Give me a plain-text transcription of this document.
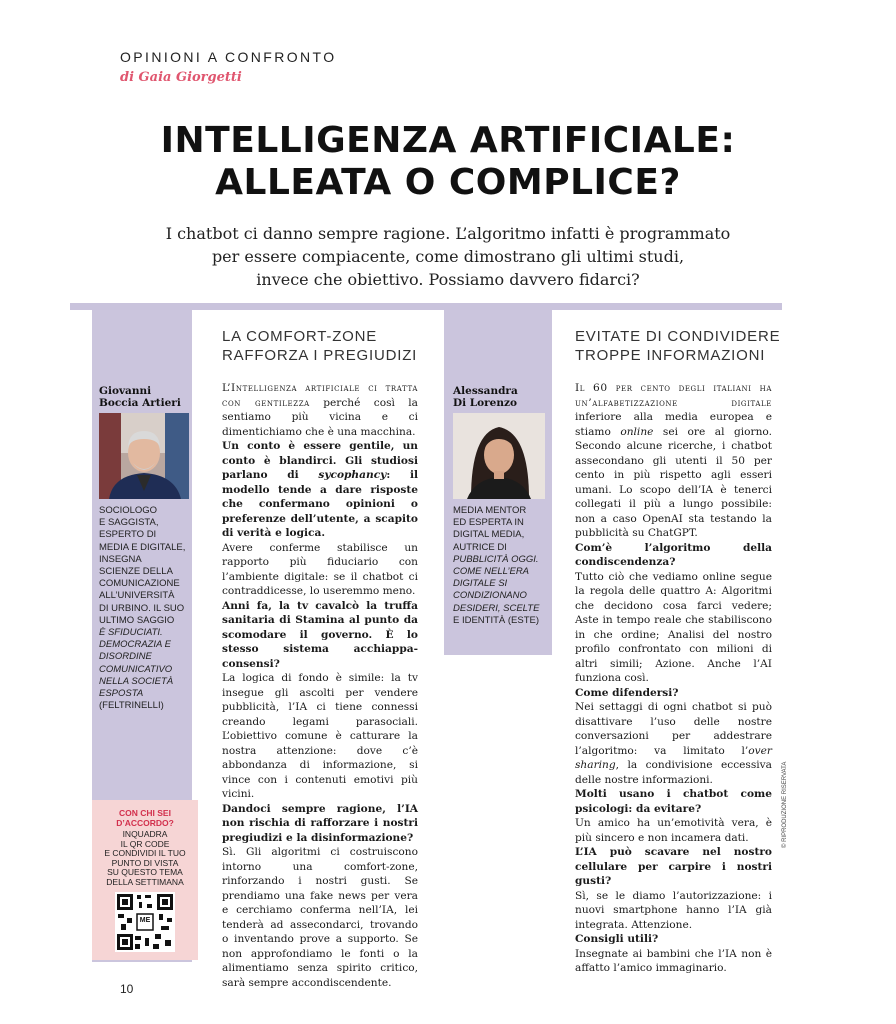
OPINIONI A CONFRONTO
di Gaia Giorgetti
INTELLIGENZA ARTIFICIALE:
ALLEATA O COMPLICE?
I chatbot ci danno sempre ragione. L’algoritmo infatti è programmato
per essere compiacente, come dimostrano gli ultimi studi,
invece che obiettivo. Possiamo davvero fidarci?
Giovanni
Boccia Artieri
SOCIOLOGO
E SAGGISTA,
ESPERTO DI
MEDIA E DIGITALE,
INSEGNA
SCIENZE DELLA
COMUNICAZIONE
ALL’UNIVERSITÀ
DI URBINO. IL SUO
ULTIMO SAGGIO
È SFIDUCIATI.
DEMOCRAZIA E
DISORDINE
COMUNICATIVO
NELLA SOCIETÀ
ESPOSTA
(FELTRINELLI)
CON CHI SEI
D’ACCORDO?
INQUADRA
IL QR CODE
E CONDIVIDI IL TUO
PUNTO DI VISTA
SU QUESTO TEMA
DELLA SETTIMANA
ME
Alessandra
Di Lorenzo
MEDIA MENTOR
ED ESPERTA IN
DIGITAL MEDIA,
AUTRICE DI
PUBBLICITÀ OGGI.
COME NELL’ERA
DIGITALE SI
CONDIZIONANO
DESIDERI, SCELTE
E IDENTITÀ (ESTE)
LA COMFORT-ZONE
RAFFORZA I PREGIUDIZI

L’Intelligenza artificiale ci tratta con gentilezza perché così la sentiamo più vicina e ci dimentichiamo che è una macchina.

Un conto è essere gentile, un conto è blandirci. Gli studiosi parlano di sycophancy: il modello tende a dare risposte che confermano opinioni o preferenze dell’utente, a scapito di verità e logica.

Avere conferme stabilisce un rapporto più fiduciario con l’ambiente digitale: se il chatbot ci contraddicesse, lo useremmo meno.

Anni fa, la tv cavalcò la truffa sanitaria di Stamina al punto da scomodare il governo. È lo stesso sistema acchiappa-consensi?

La logica di fondo è simile: la tv insegue gli ascolti per vendere pubblicità, l’IA ci tiene connessi creando legami parasociali. L’obiettivo comune è catturare la nostra attenzione: dove c’è abbondanza di informazione, si vince con i contenuti emotivi più vicini.

Dandoci sempre ragione, l’IA non rischia di rafforzare i nostri pregiudizi e la disinformazione?

Sì. Gli algoritmi ci costruiscono intorno una comfort-zone, rinforzando i nostri gusti. Se prendiamo una fake news per vera e cerchiamo conferma nell’IA, lei tenderà ad assecondarci, trovando o inventando prove a supporto. Se non approfondiamo le fonti o la alimentiamo senza spirito critico, sarà sempre accondiscendente.

EVITATE DI CONDIVIDERE
TROPPE INFORMAZIONI

Il 60 per cento degli italiani ha un’alfabetizzazione digitale inferiore alla media europea e stiamo online sei ore al giorno. Secondo alcune ricerche, i chatbot assecondano gli utenti il 50 per cento in più rispetto agli esseri umani. Lo scopo dell’IA è tenerci collegati il più a lungo possibile: non a caso OpenAI sta testando la pubblicità su ChatGPT.

Com’è l’algoritmo della condiscendenza?

Tutto ciò che vediamo online segue la regola delle quattro A: Algoritmi che decidono cosa farci vedere; Aste in tempo reale che stabiliscono in che ordine; Analisi del nostro profilo confrontato con milioni di altri simili; Azione. Anche l’AI funziona così.

Come difendersi?

Nei settaggi di ogni chatbot si può disattivare l’uso delle nostre conversazioni per addestrare l’algoritmo: va limitato l’over sharing, la condivisione eccessiva delle nostre informazioni.

Molti usano i chatbot come psicologi: da evitare?

Un amico ha un’emotività vera, è più sincero e non incamera dati.

L’IA può scavare nel nostro cellulare per carpire i nostri gusti?

Sì, se le diamo l’autorizzazione: i nuovi smartphone hanno l’IA già integrata. Attenzione.

Consigli utili?

Insegnate ai bambini che l’IA non è affatto l’amico immaginario.

10
© RIPRODUZIONE RISERVATA
